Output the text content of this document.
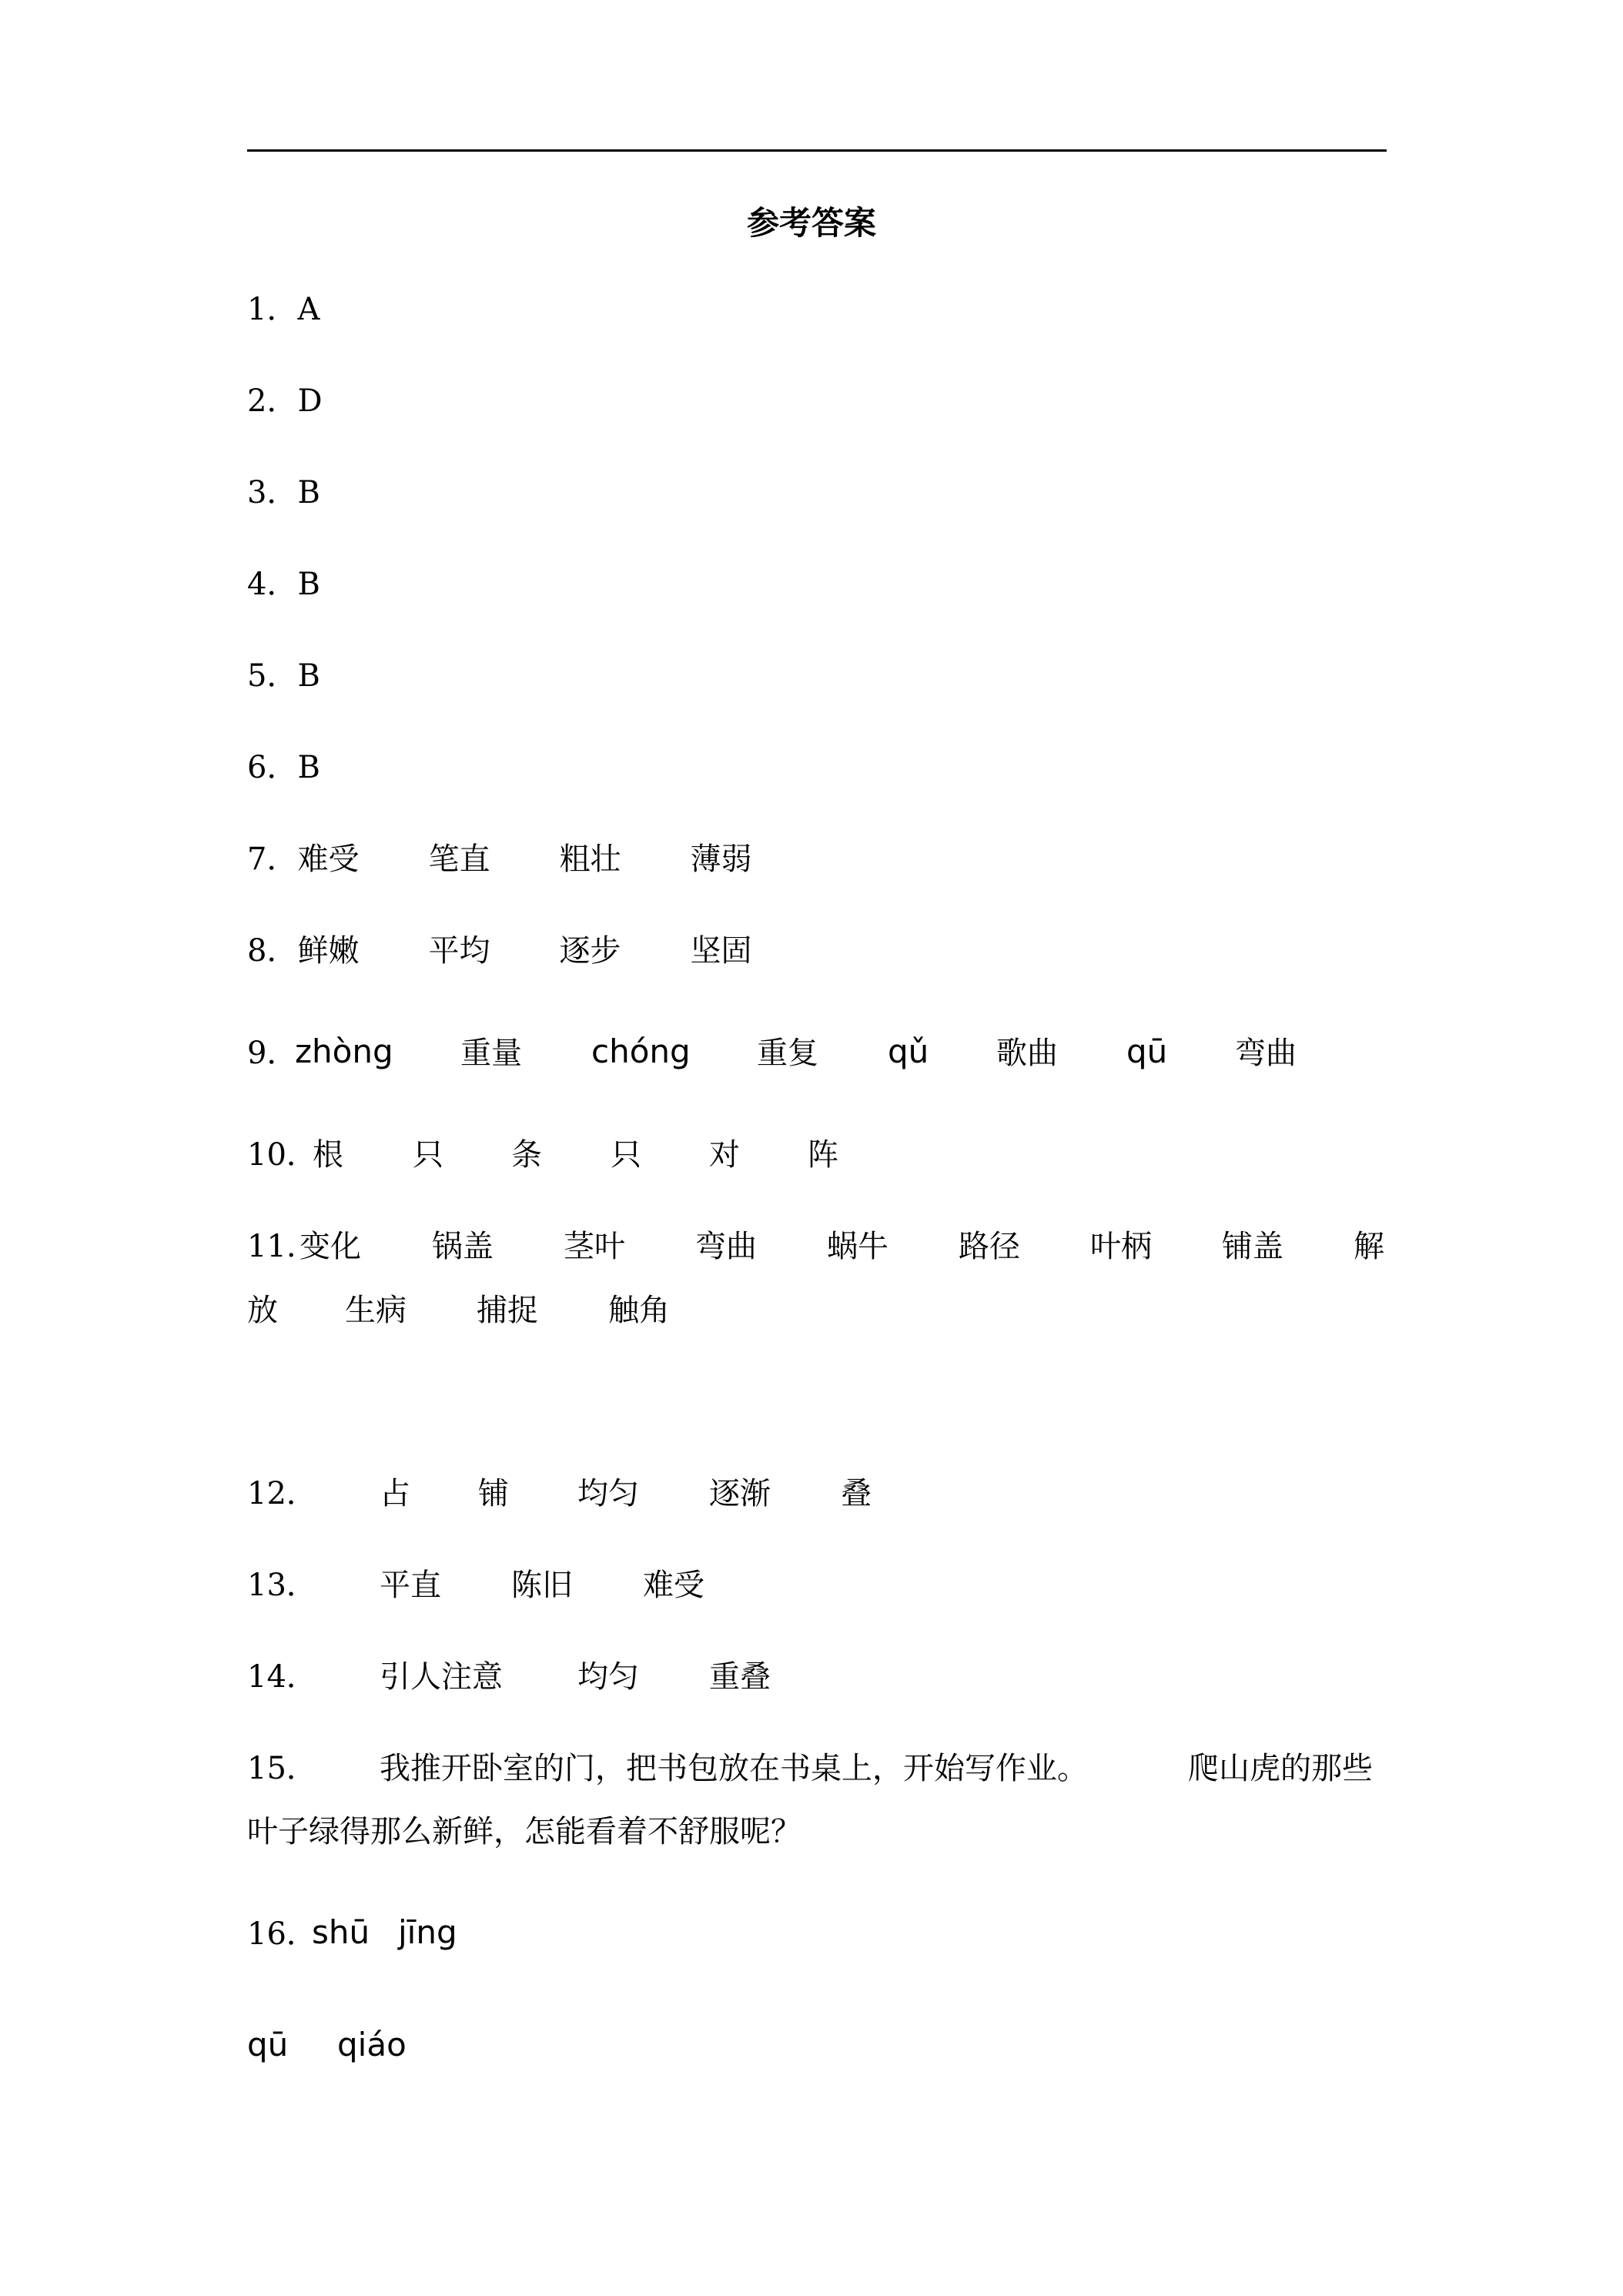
参考答案
1．A
2．D
3．B
4．B
5．B
6．B
7．难受 笔直 粗壮 薄弱
8．鲜嫩 平均 逐步 坚固
9．
zhòng 重量 chóng 重复 qǔ 歌曲 qū 弯曲
10．
根 只 条 只 对 阵
11. 变化 锅盖 茎叶 弯曲 蜗牛 路径 叶柄 铺盖 解
放 生病 捕捉 触角
12． 占 铺 均匀 逐渐 叠
13． 平直 陈旧 难受
14． 引人注意 均匀 重叠
15． 我推开卧室的门，把书包放在书桌上，开始写作业。	爬山虎的那些
叶子绿得那么新鲜，怎能看着不舒服呢？
16．
shū jīng
qū qiáo
